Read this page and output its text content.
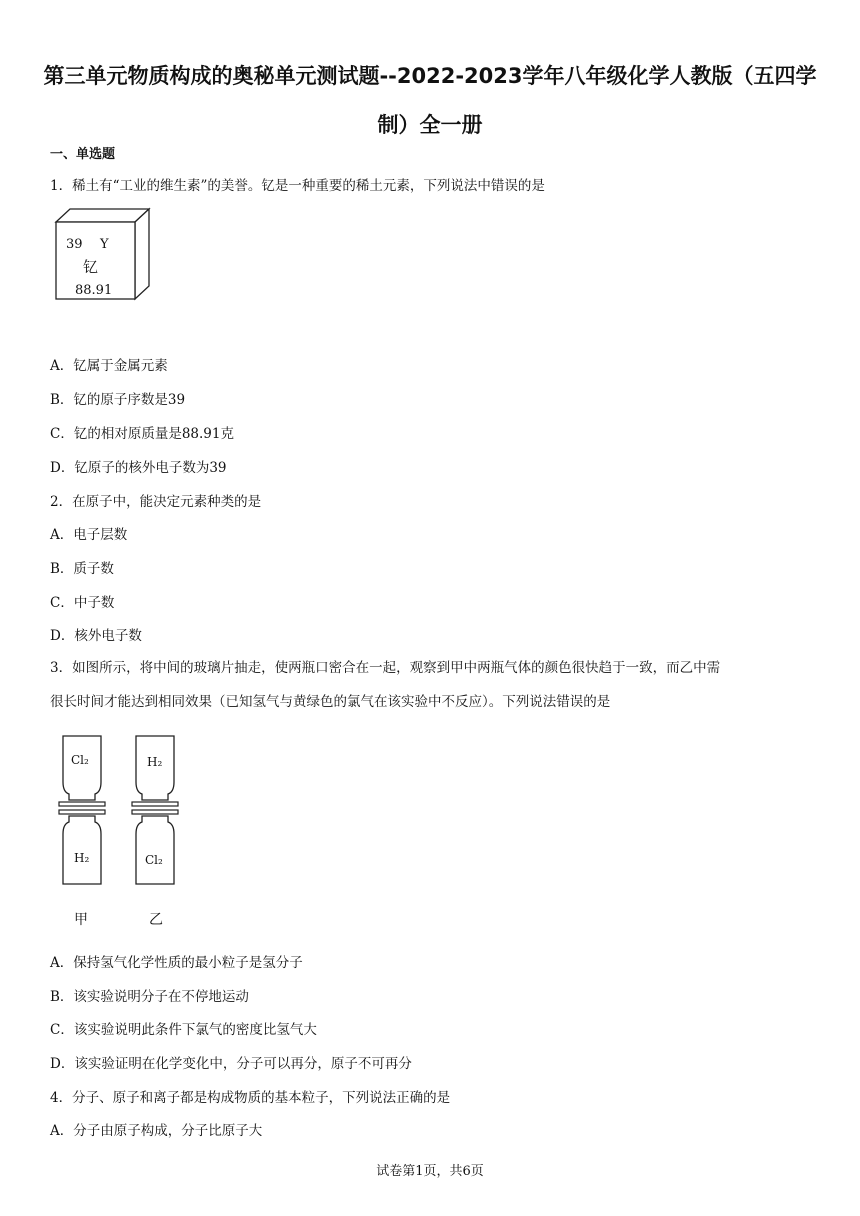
第三单元物质构成的奥秘单元测试题--2022-2023学年八年级化学人教版（五四学制）全一册
一、单选题
1．稀土有“工业的维生素”的美誉。钇是一种重要的稀土元素，下列说法中错误的是
39 Y
钇
88.91
A．钇属于金属元素
B．钇的原子序数是39
C．钇的相对原质量是88.91克
D．钇原子的核外电子数为39
2．在原子中，能决定元素种类的是
A．电子层数
B．质子数
C．中子数
D．核外电子数
3．如图所示，将中间的玻璃片抽走，使两瓶口密合在一起，观察到甲中两瓶气体的颜色很快趋于一致，而乙中需
很长时间才能达到相同效果（已知氢气与黄绿色的氯气在该实验中不反应）。下列说法错误的是
Cl₂
H₂
甲
H₂
Cl₂
乙
A．保持氢气化学性质的最小粒子是氢分子
B．该实验说明分子在不停地运动
C．该实验说明此条件下氯气的密度比氢气大
D．该实验证明在化学变化中，分子可以再分，原子不可再分
4．分子、原子和离子都是构成物质的基本粒子，下列说法正确的是
A．分子由原子构成，分子比原子大
试卷第1页，共6页
